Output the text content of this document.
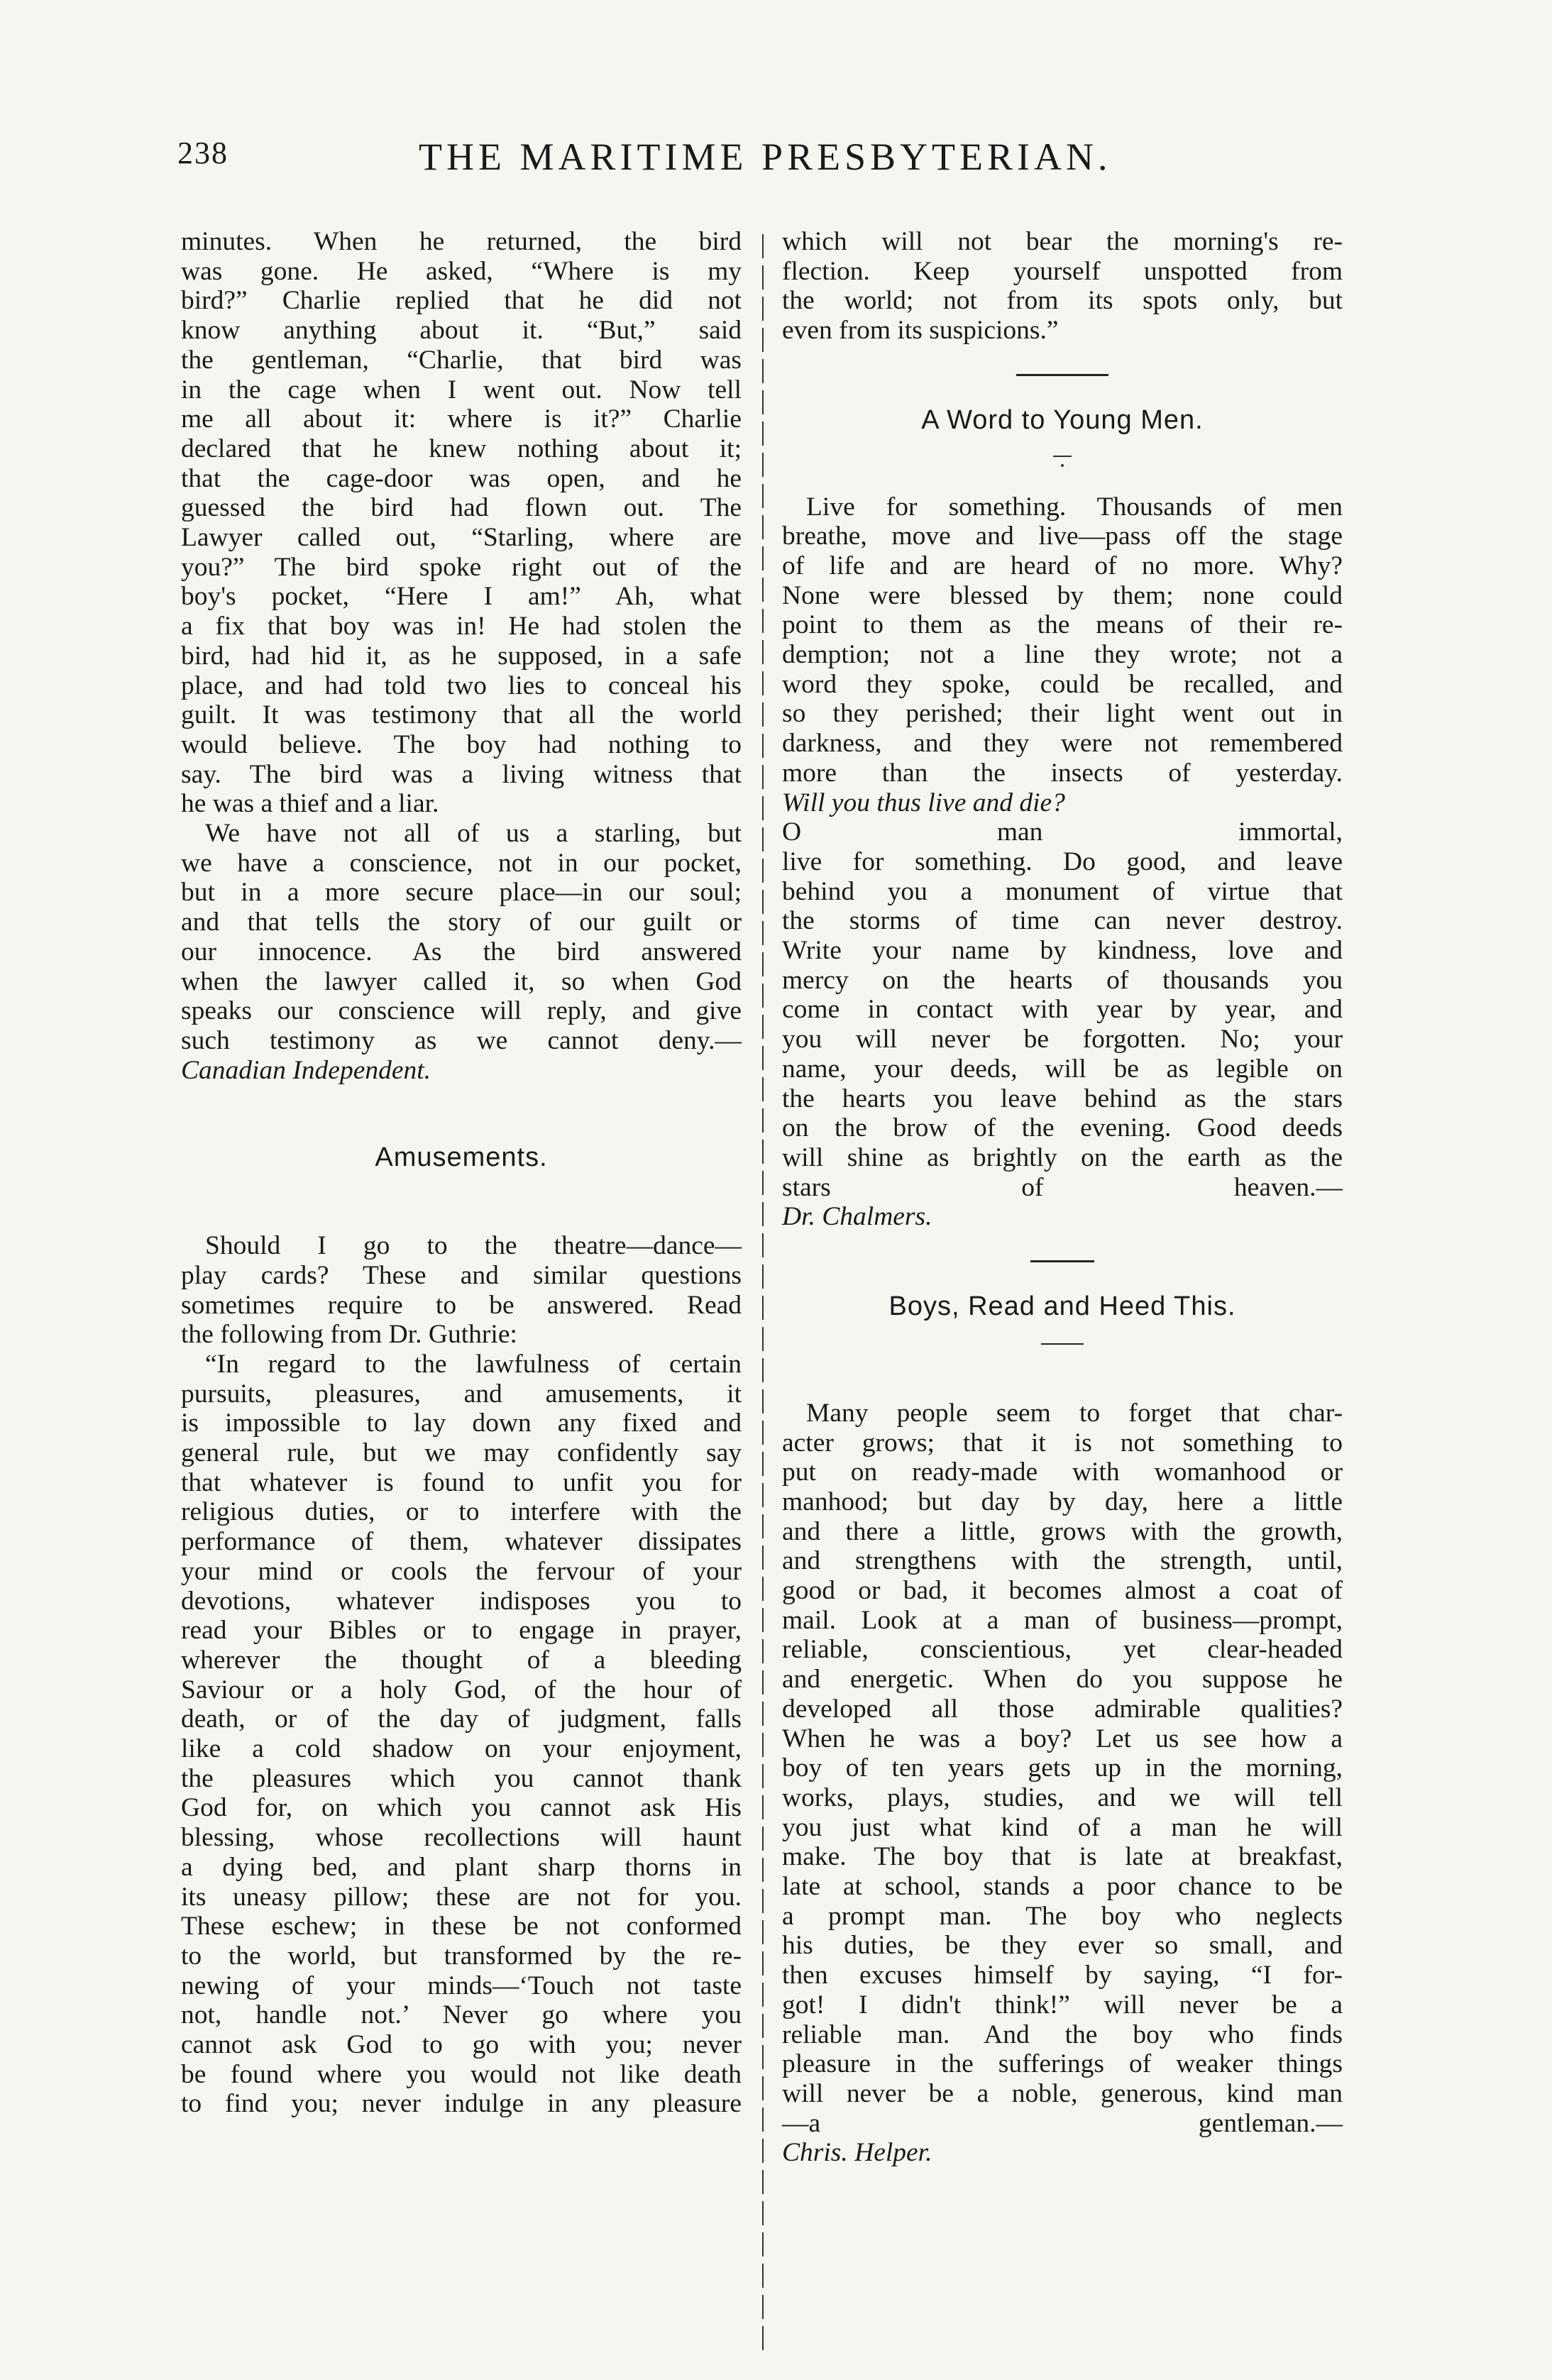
238	THE MARITIME PRESBYTERIAN.
minutes. When he returned, the bird
was gone. He asked, “Where is my
bird?” Charlie replied that he did not
know anything about it. “But,” said
the gentleman, “Charlie, that bird was
in the cage when I went out. Now tell
me all about it: where is it?” Charlie
declared that he knew nothing about it;
that the cage-door was open, and he
guessed the bird had flown out. The
Lawyer called out, “Starling, where are
you?” The bird spoke right out of the
boy's pocket, “Here I am!” Ah, what
a fix that boy was in! He had stolen the
bird, had hid it, as he supposed, in a safe
place, and had told two lies to conceal his
guilt. It was testimony that all the world
would believe. The boy had nothing to
say. The bird was a living witness that
he was a thief and a liar.
We have not all of us a starling, but
we have a conscience, not in our pocket,
but in a more secure place—in our soul;
and that tells the story of our guilt or
our innocence. As the bird answered
when the lawyer called it, so when God
speaks our conscience will reply, and give
such testimony as we cannot deny.—
Canadian Independent.
Amusements.
Should I go to the theatre—dance—
play cards? These and similar questions
sometimes require to be answered. Read
the following from Dr. Guthrie:
“In regard to the lawfulness of certain
pursuits, pleasures, and amusements, it
is impossible to lay down any fixed and
general rule, but we may confidently say
that whatever is found to unfit you for
religious duties, or to interfere with the
performance of them, whatever dissipates
your mind or cools the fervour of your
devotions, whatever indisposes you to
read your Bibles or to engage in prayer,
wherever the thought of a bleeding
Saviour or a holy God, of the hour of
death, or of the day of judgment, falls
like a cold shadow on your enjoyment,
the pleasures which you cannot thank
God for, on which you cannot ask His
blessing, whose recollections will haunt
a dying bed, and plant sharp thorns in
its uneasy pillow; these are not for you.
These eschew; in these be not conformed
to the world, but transformed by the re-
newing of your minds—‘Touch not taste
not, handle not.’ Never go where you
cannot ask God to go with you; never
be found where you would not like death
to find you; never indulge in any pleasure
which will not bear the morning's re-
flection. Keep yourself unspotted from
the world; not from its spots only, but
even from its suspicions.”
A Word to Young Men.
Live for something. Thousands of men
breathe, move and live—pass off the stage
of life and are heard of no more. Why?
None were blessed by them; none could
point to them as the means of their re-
demption; not a line they wrote; not a
word they spoke, could be recalled, and
so they perished; their light went out in
darkness, and they were not remembered
more than the insects of yesterday.
Will you thus live and die?
O man immortal,
live for something. Do good, and leave
behind you a monument of virtue that
the storms of time can never destroy.
Write your name by kindness, love and
mercy on the hearts of thousands you
come in contact with year by year, and
you will never be forgotten. No; your
name, your deeds, will be as legible on
the hearts you leave behind as the stars
on the brow of the evening. Good deeds
will shine as brightly on the earth as the
stars of heaven.—
Dr. Chalmers.
Boys, Read and Heed This.
Many people seem to forget that char-
acter grows; that it is not something to
put on ready-made with womanhood or
manhood; but day by day, here a little
and there a little, grows with the growth,
and strengthens with the strength, until,
good or bad, it becomes almost a coat of
mail. Look at a man of business—prompt,
reliable, conscientious, yet clear-headed
and energetic. When do you suppose he
developed all those admirable qualities?
When he was a boy? Let us see how a
boy of ten years gets up in the morning,
works, plays, studies, and we will tell
you just what kind of a man he will
make. The boy that is late at breakfast,
late at school, stands a poor chance to be
a prompt man. The boy who neglects
his duties, be they ever so small, and
then excuses himself by saying, “I for-
got! I didn't think!” will never be a
reliable man. And the boy who finds
pleasure in the sufferings of weaker things
will never be a noble, generous, kind man
—a gentleman.—
Chris. Helper.
